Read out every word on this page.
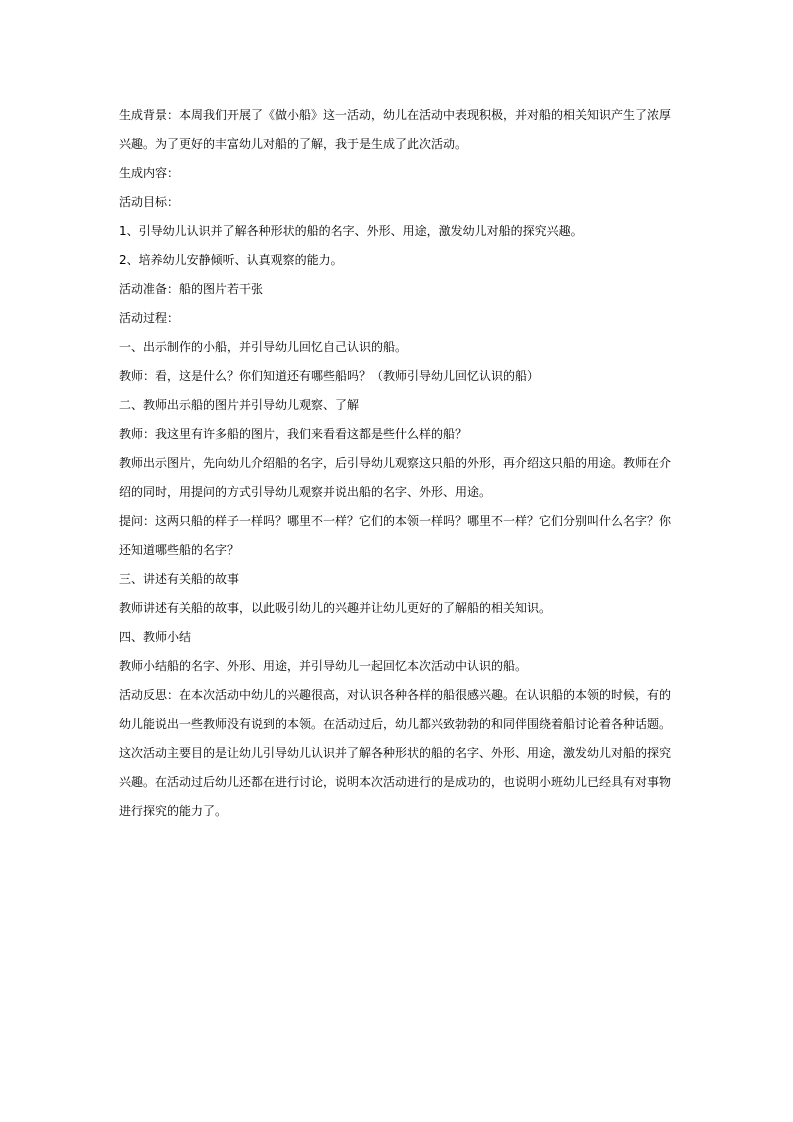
生成背景：本周我们开展了《做小船》这一活动，幼儿在活动中表现积极，并对船的相关知识产生了浓厚兴趣。为了更好的丰富幼儿对船的了解，我于是生成了此次活动。

生成内容：

活动目标：

1、引导幼儿认识并了解各种形状的船的名字、外形、用途，激发幼儿对船的探究兴趣。

2、培养幼儿安静倾听、认真观察的能力。

活动准备：船的图片若干张

活动过程：

一、出示制作的小船，并引导幼儿回忆自己认识的船。

教师：看，这是什么？你们知道还有哪些船吗？（教师引导幼儿回忆认识的船）

二、教师出示船的图片并引导幼儿观察、了解

教师：我这里有许多船的图片，我们来看看这都是些什么样的船？

教师出示图片，先向幼儿介绍船的名字，后引导幼儿观察这只船的外形，再介绍这只船的用途。教师在介绍的同时，用提问的方式引导幼儿观察并说出船的名字、外形、用途。

提问：这两只船的样子一样吗？哪里不一样？它们的本领一样吗？哪里不一样？它们分别叫什么名字？你还知道哪些船的名字？

三、讲述有关船的故事

教师讲述有关船的故事，以此吸引幼儿的兴趣并让幼儿更好的了解船的相关知识。

四、教师小结

教师小结船的名字、外形、用途，并引导幼儿一起回忆本次活动中认识的船。

活动反思：在本次活动中幼儿的兴趣很高，对认识各种各样的船很感兴趣。在认识船的本领的时候，有的幼儿能说出一些教师没有说到的本领。在活动过后，幼儿都兴致勃勃的和同伴围绕着船讨论着各种话题。这次活动主要目的是让幼儿引导幼儿认识并了解各种形状的船的名字、外形、用途，激发幼儿对船的探究兴趣。在活动过后幼儿还都在进行讨论，说明本次活动进行的是成功的，也说明小班幼儿已经具有对事物进行探究的能力了。
